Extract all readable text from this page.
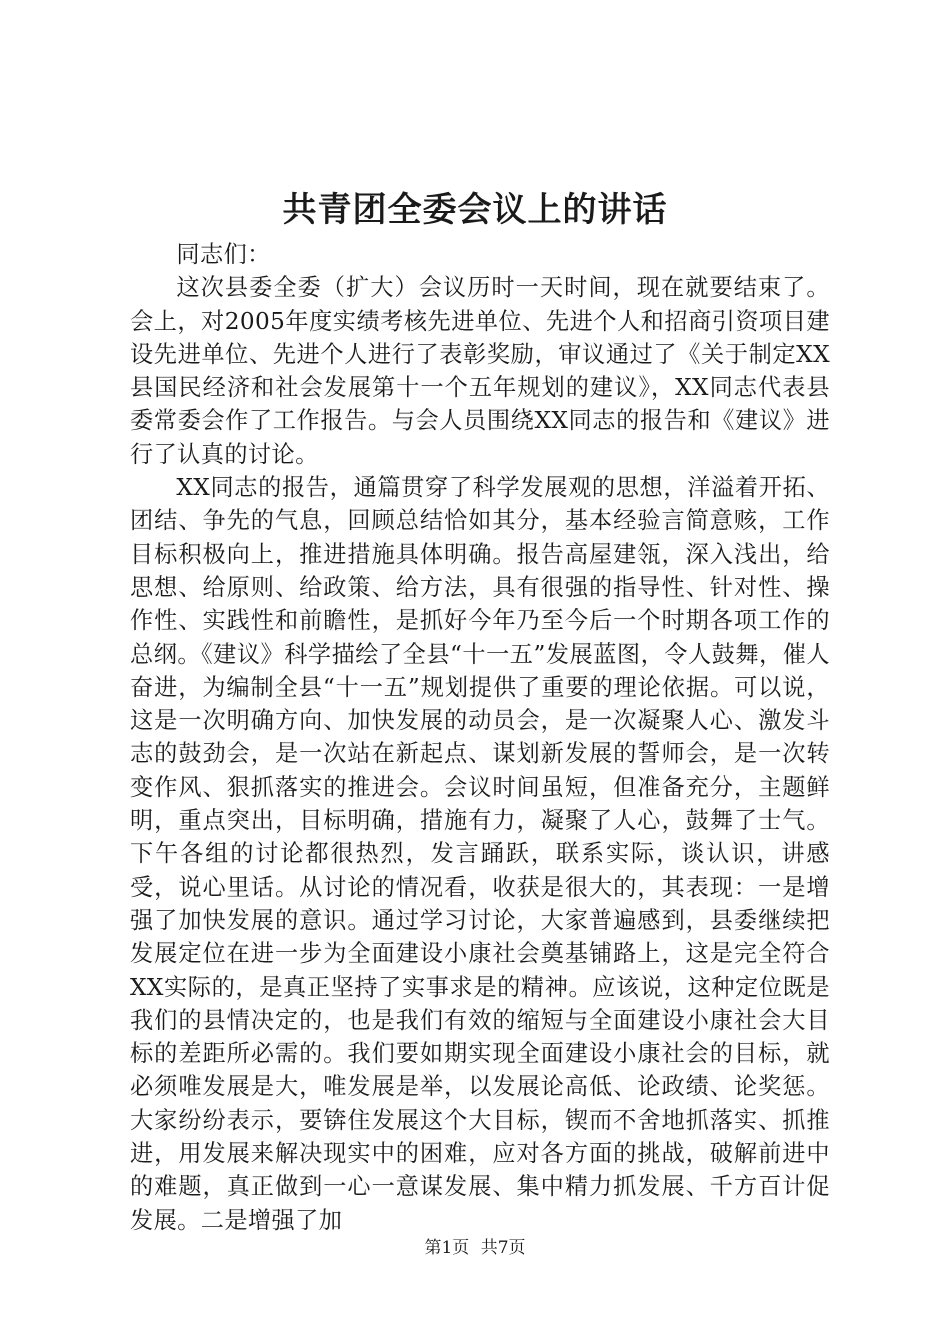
共青团全委会议上的讲话

同志们：

这次县委全委（扩大）会议历时一天时间，现在就要结束了。会上，对2005年度实绩考核先进单位、先进个人和招商引资项目建设先进单位、先进个人进行了表彰奖励，审议通过了《关于制定XX县国民经济和社会发展第十一个五年规划的建议》，XX同志代表县委常委会作了工作报告。与会人员围绕XX同志的报告和《建议》进行了认真的讨论。

XX同志的报告，通篇贯穿了科学发展观的思想，洋溢着开拓、团结、争先的气息，回顾总结恰如其分，基本经验言简意赅，工作目标积极向上，推进措施具体明确。报告高屋建瓴，深入浅出，给思想、给原则、给政策、给方法，具有很强的指导性、针对性、操作性、实践性和前瞻性，是抓好今年乃至今后一个时期各项工作的总纲。《建议》科学描绘了全县“十一五”发展蓝图，令人鼓舞，催人奋进，为编制全县“十一五”规划提供了重要的理论依据。可以说，这是一次明确方向、加快发展的动员会，是一次凝聚人心、激发斗志的鼓劲会，是一次站在新起点、谋划新发展的誓师会，是一次转变作风、狠抓落实的推进会。会议时间虽短，但准备充分，主题鲜明，重点突出，目标明确，措施有力，凝聚了人心，鼓舞了士气。下午各组的讨论都很热烈，发言踊跃，联系实际，谈认识，讲感受，说心里话。从讨论的情况看，收获是很大的，其表现：一是增强了加快发展的意识。通过学习讨论，大家普遍感到，县委继续把发展定位在进一步为全面建设小康社会奠基铺路上，这是完全符合XX实际的，是真正坚持了实事求是的精神。应该说，这种定位既是我们的县情决定的，也是我们有效的缩短与全面建设小康社会大目标的差距所必需的。我们要如期实现全面建设小康社会的目标，就必须唯发展是大，唯发展是举，以发展论高低、论政绩、论奖惩。大家纷纷表示，要锛住发展这个大目标，锲而不舍地抓落实、抓推进，用发展来解决现实中的困难，应对各方面的挑战，破解前进中的难题，真正做到一心一意谋发展、集中精力抓发展、千方百计促发展。二是增强了加

第1页 共7页
